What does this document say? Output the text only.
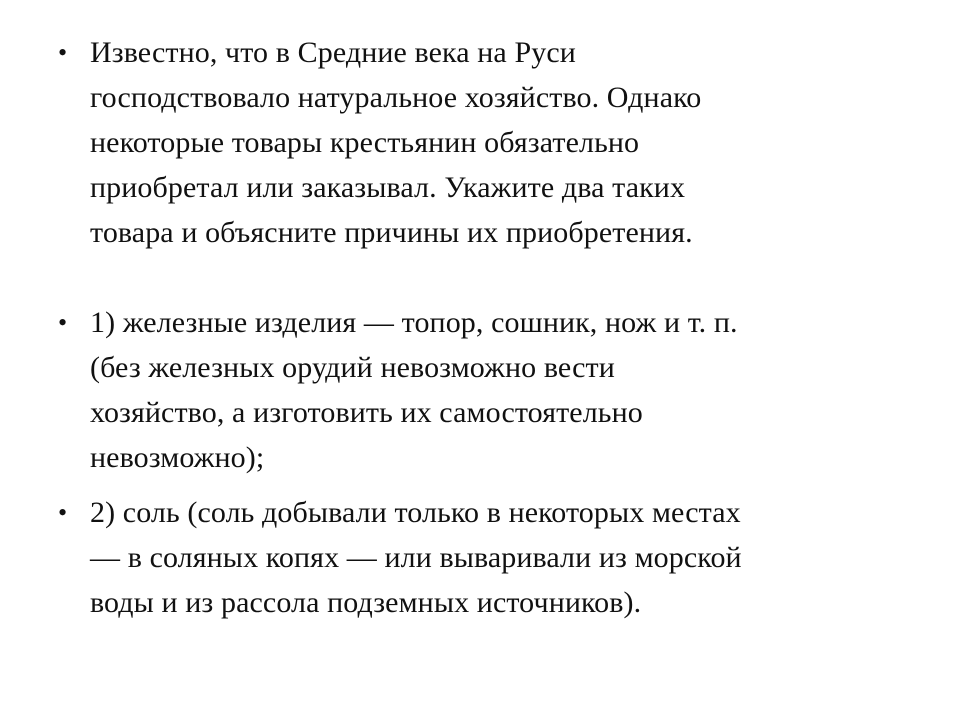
• Известно, что в Средние века на Руси
господствовало натуральное хозяйство. Однако
некоторые товары крестьянин обязательно
приобретал или заказывал. Укажите два таких
товара и объясните причины их приобретения.
• 1) железные изделия — топор, сошник, нож и т. п.
(без железных орудий невозможно вести
хозяйство, а изготовить их самостоятельно
невозможно);
• 2) соль (соль добывали только в некоторых местах
— в соляных копях — или вываривали из морской
воды и из рассола подземных источников).
